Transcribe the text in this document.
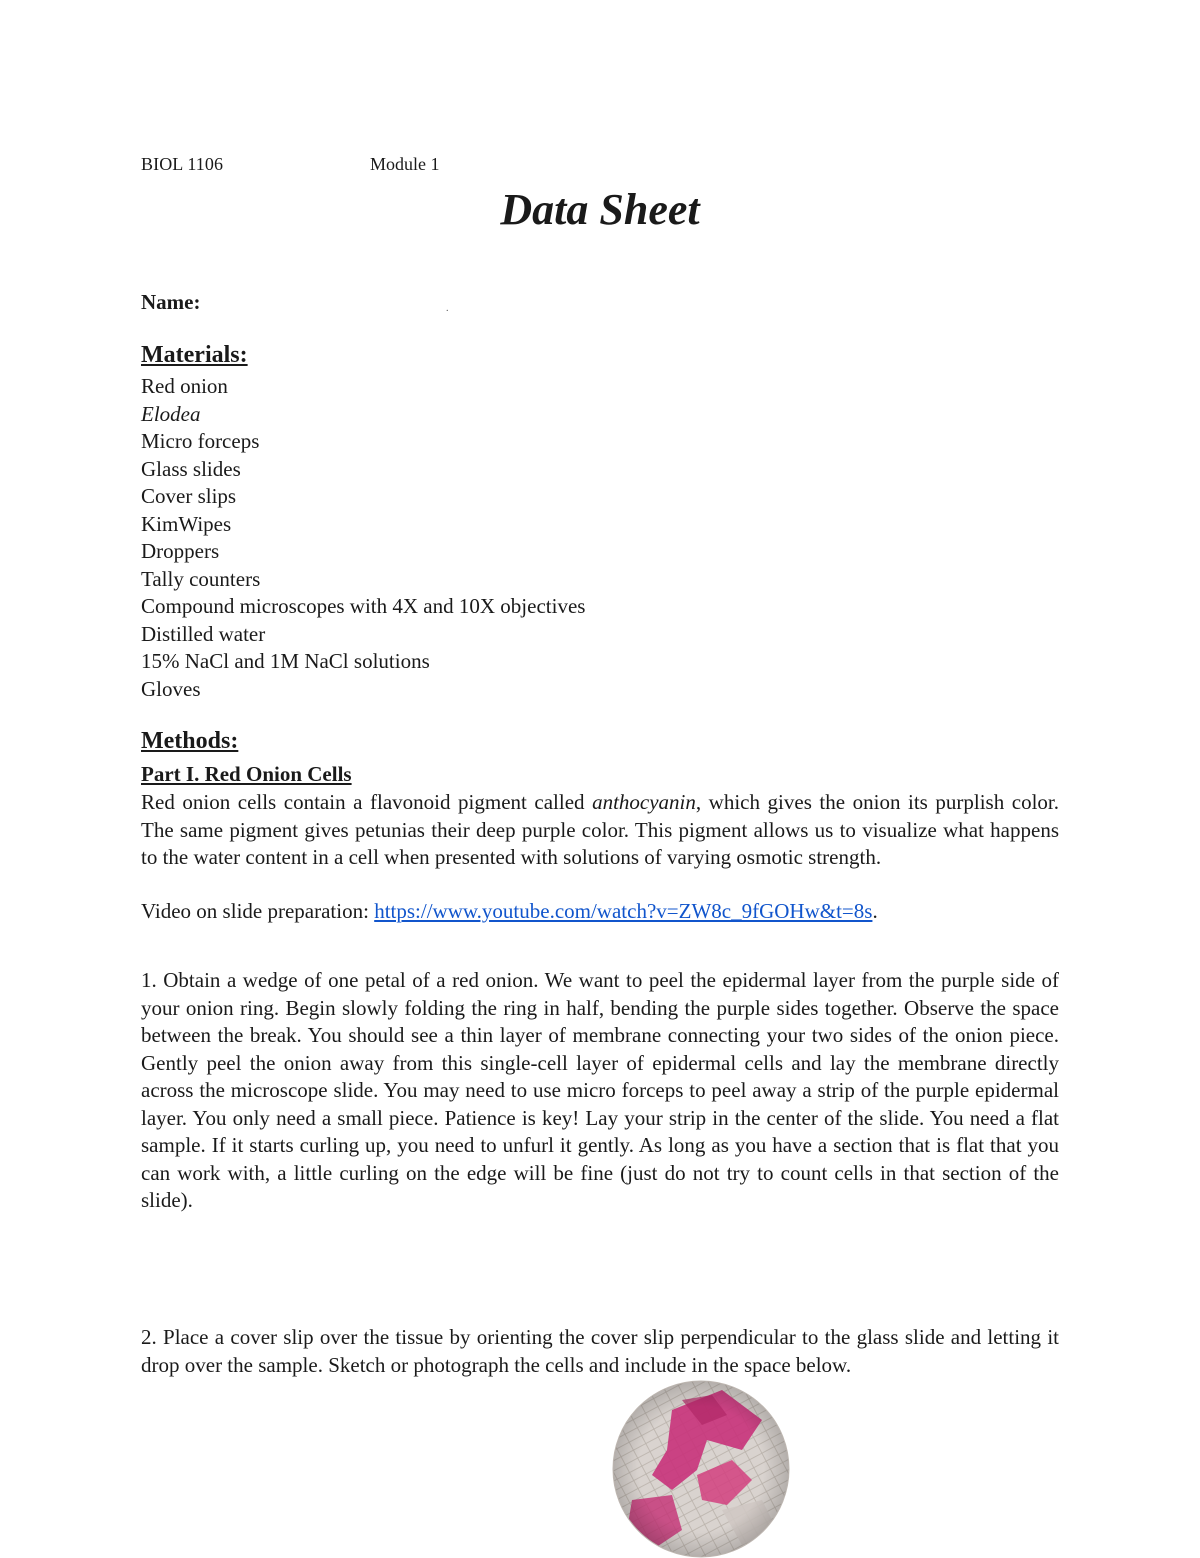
BIOL 1106	Module 1
Data Sheet
Name:	.
Materials:
Red onion
Elodea
Micro forceps
Glass slides
Cover slips
KimWipes
Droppers
Tally counters
Compound microscopes with 4X and 10X objectives
Distilled water
15% NaCl and 1M NaCl solutions
Gloves
Methods:
Part I. Red Onion Cells

Red onion cells contain a flavonoid pigment called anthocyanin, which gives the onion its purplish color. The same pigment gives petunias their deep purple color. This pigment allows us to visualize what happens to the water content in a cell when presented with solutions of varying osmotic strength.

Video on slide preparation: https://www.youtube.com/watch?v=ZW8c_9fGOHw&t=8s.

1. Obtain a wedge of one petal of a red onion. We want to peel the epidermal layer from the purple side of your onion ring. Begin slowly folding the ring in half, bending the purple sides together. Observe the space between the break. You should see a thin layer of membrane connecting your two sides of the onion piece. Gently peel the onion away from this single-cell layer of epidermal cells and lay the membrane directly across the microscope slide. You may need to use micro forceps to peel away a strip of the purple epidermal layer. You only need a small piece. Patience is key! Lay your strip in the center of the slide. You need a flat sample. If it starts curling up, you need to unfurl it gently. As long as you have a section that is flat that you can work with, a little curling on the edge will be fine (just do not try to count cells in that section of the slide).

2. Place a cover slip over the tissue by orienting the cover slip perpendicular to the glass slide and letting it drop over the sample. Sketch or photograph the cells and include in the space below.
